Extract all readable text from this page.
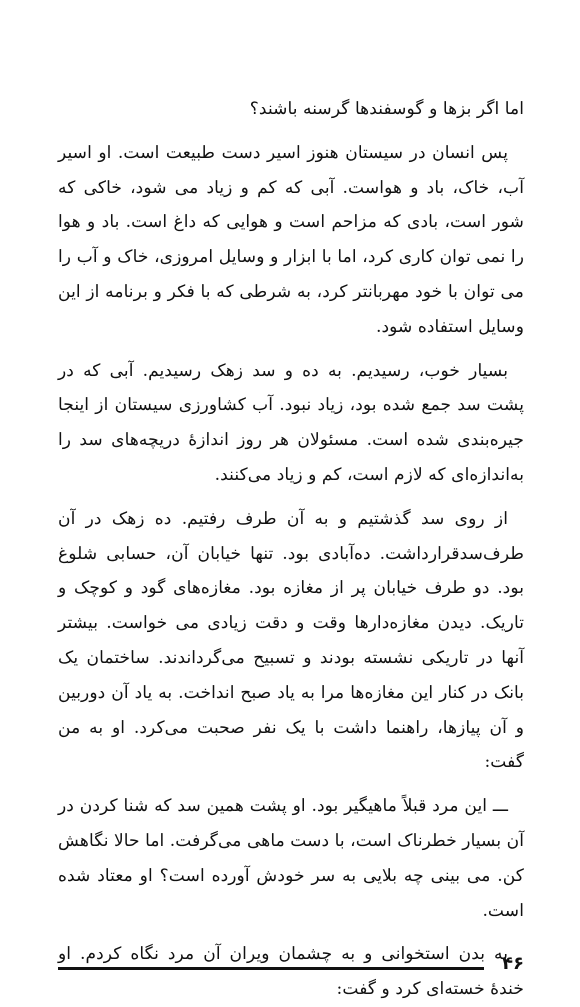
اما اگر بزها و گوسفندها گرسنه باشند؟

پس انسان در سیستان هنوز اسیر دست طبیعت است. او اسیر آب، خاک، باد و هواست. آبی که کم و زیاد می شود، خاکی که شور است، بادی که مزاحم است و هوایی که داغ است. باد و هوا را نمی توان کاری کرد، اما با ابزار و وسایل امروزی، خاک و آب را می توان با خود مهربانتر کرد، به شرطی که با فکر و برنامه از این وسایل استفاده شود.

بسیار خوب، رسیدیم. به ده و سد زهک رسیدیم. آبی که در پشت سد جمع شده بود، زیاد نبود. آب کشاورزی سیستان از اینجا جیره‌بندی شده است. مسئولان هر روز اندازهٔ دریچه‌های سد را به‌اندازه‌ای که لازم است، کم و زیاد می‌کنند.

از روی سد گذشتیم و به آن طرف رفتیم. ده زهک در آن طرف‌سدقرارداشت. ده‌آبادی بود. تنها خیابان آن، حسابی شلوغ بود. دو طرف خیابان پر از مغازه بود. مغازه‌های گود و کوچک و تاریک. دیدن مغازه‌دارها وقت و دقت زیادی می خواست. بیشتر آنها در تاریکی نشسته بودند و تسبیح می‌گرداندند. ساختمان یک بانک در کنار این مغازه‌ها مرا به یاد صبح انداخت. به یاد آن دوربین و آن پیازها، راهنما داشت با یک نفر صحبت می‌کرد. او به من گفت:

ـــ این مرد قبلاً ماهیگیر بود. او پشت همین سد که شنا کردن در آن بسیار خطرناک است، با دست ماهی می‌گرفت. اما حالا نگاهش کن. می بینی چه بلایی به سر خودش آورده است؟ او معتاد شده است.

به بدن استخوانی و به چشمان ویران آن مرد نگاه کردم. او خندهٔ خسته‌ای کرد و گفت:

۴۶
